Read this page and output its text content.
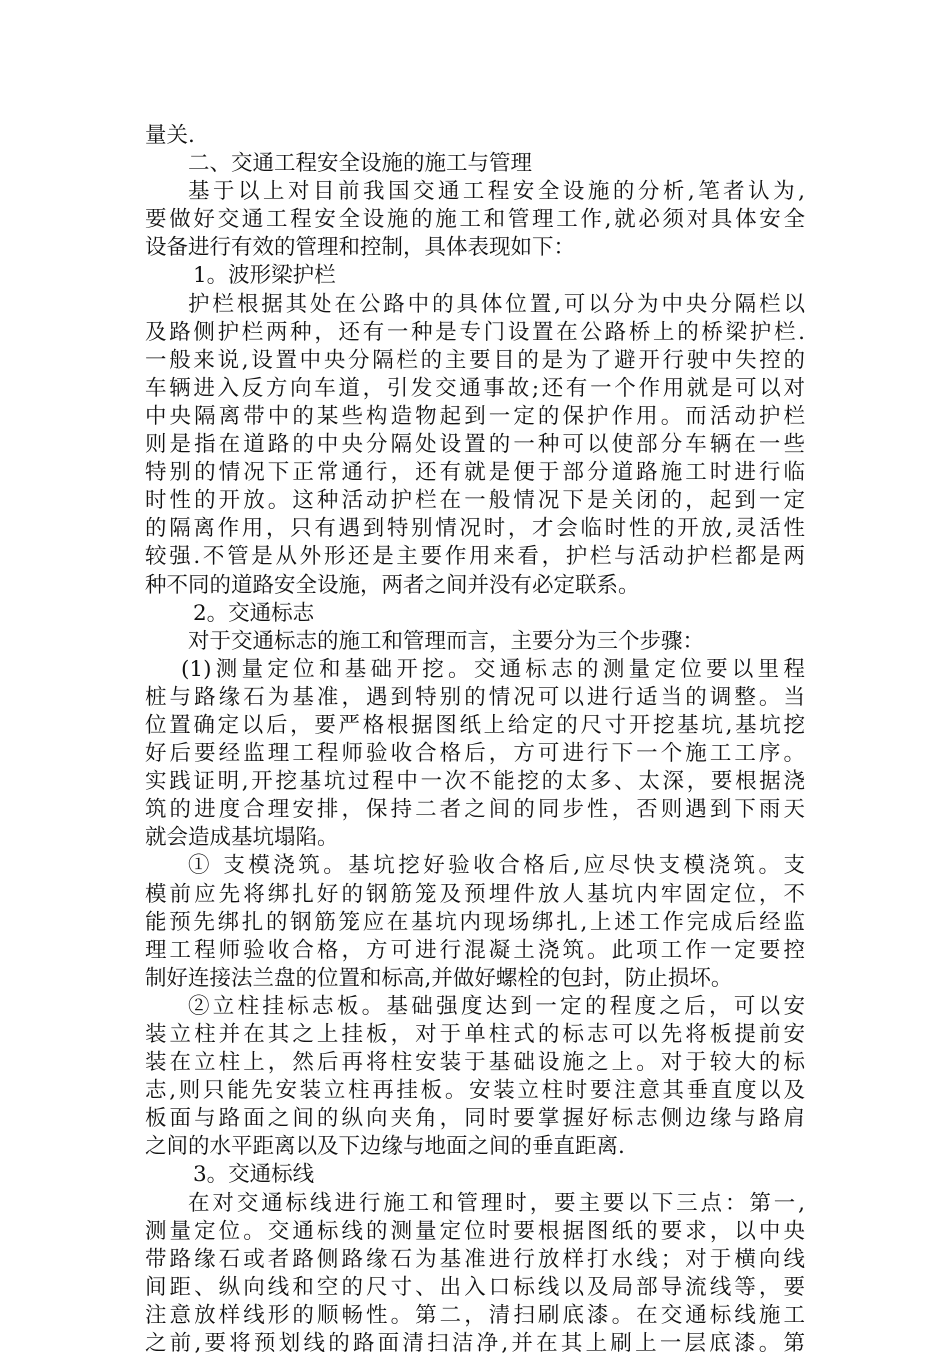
量关.
二、交通工程安全设施的施工与管理
基于以上对目前我国交通工程安全设施的分析,笔者认为,
要做好交通工程安全设施的施工和管理工作,就必须对具体安全
设备进行有效的管理和控制，具体表现如下：
1。波形梁护栏
护栏根据其处在公路中的具体位置,可以分为中央分隔栏以
及路侧护栏两种，还有一种是专门设置在公路桥上的桥梁护栏.
一般来说,设置中央分隔栏的主要目的是为了避开行驶中失控的
车辆进入反方向车道，引发交通事故;还有一个作用就是可以对
中央隔离带中的某些构造物起到一定的保护作用。而活动护栏
则是指在道路的中央分隔处设置的一种可以使部分车辆在一些
特别的情况下正常通行，还有就是便于部分道路施工时进行临
时性的开放。这种活动护栏在一般情况下是关闭的，起到一定
的隔离作用，只有遇到特别情况时，才会临时性的开放,灵活性
较强.不管是从外形还是主要作用来看，护栏与活动护栏都是两
种不同的道路安全设施，两者之间并没有必定联系。
2。交通标志
对于交通标志的施工和管理而言，主要分为三个步骤：
(1)测量定位和基础开挖。交通标志的测量定位要以里程
桩与路缘石为基准，遇到特别的情况可以进行适当的调整。当
位置确定以后，要严格根据图纸上给定的尺寸开挖基坑,基坑挖
好后要经监理工程师验收合格后，方可进行下一个施工工序。
实践证明,开挖基坑过程中一次不能挖的太多、太深，要根据浇
筑的进度合理安排，保持二者之间的同步性，否则遇到下雨天
就会造成基坑塌陷。
① 支模浇筑。基坑挖好验收合格后,应尽快支模浇筑。支
模前应先将绑扎好的钢筋笼及预埋件放人基坑内牢固定位，不
能预先绑扎的钢筋笼应在基坑内现场绑扎,上述工作完成后经监
理工程师验收合格，方可进行混凝土浇筑。此项工作一定要控
制好连接法兰盘的位置和标高,并做好螺栓的包封，防止损坏。
②立柱挂标志板。基础强度达到一定的程度之后，可以安
装立柱并在其之上挂板，对于单柱式的标志可以先将板提前安
装在立柱上，然后再将柱安装于基础设施之上。对于较大的标
志,则只能先安装立柱再挂板。安装立柱时要注意其垂直度以及
板面与路面之间的纵向夹角，同时要掌握好标志侧边缘与路肩
之间的水平距离以及下边缘与地面之间的垂直距离.
3。交通标线
在对交通标线进行施工和管理时，要主要以下三点：第一,
测量定位。交通标线的测量定位时要根据图纸的要求，以中央
带路缘石或者路侧路缘石为基准进行放样打水线；对于横向线
间距、纵向线和空的尺寸、出入口标线以及局部导流线等，要
注意放样线形的顺畅性。第二，清扫刷底漆。在交通标线施工
之前,要将预划线的路面清扫洁净,并在其上刷上一层底漆。第
